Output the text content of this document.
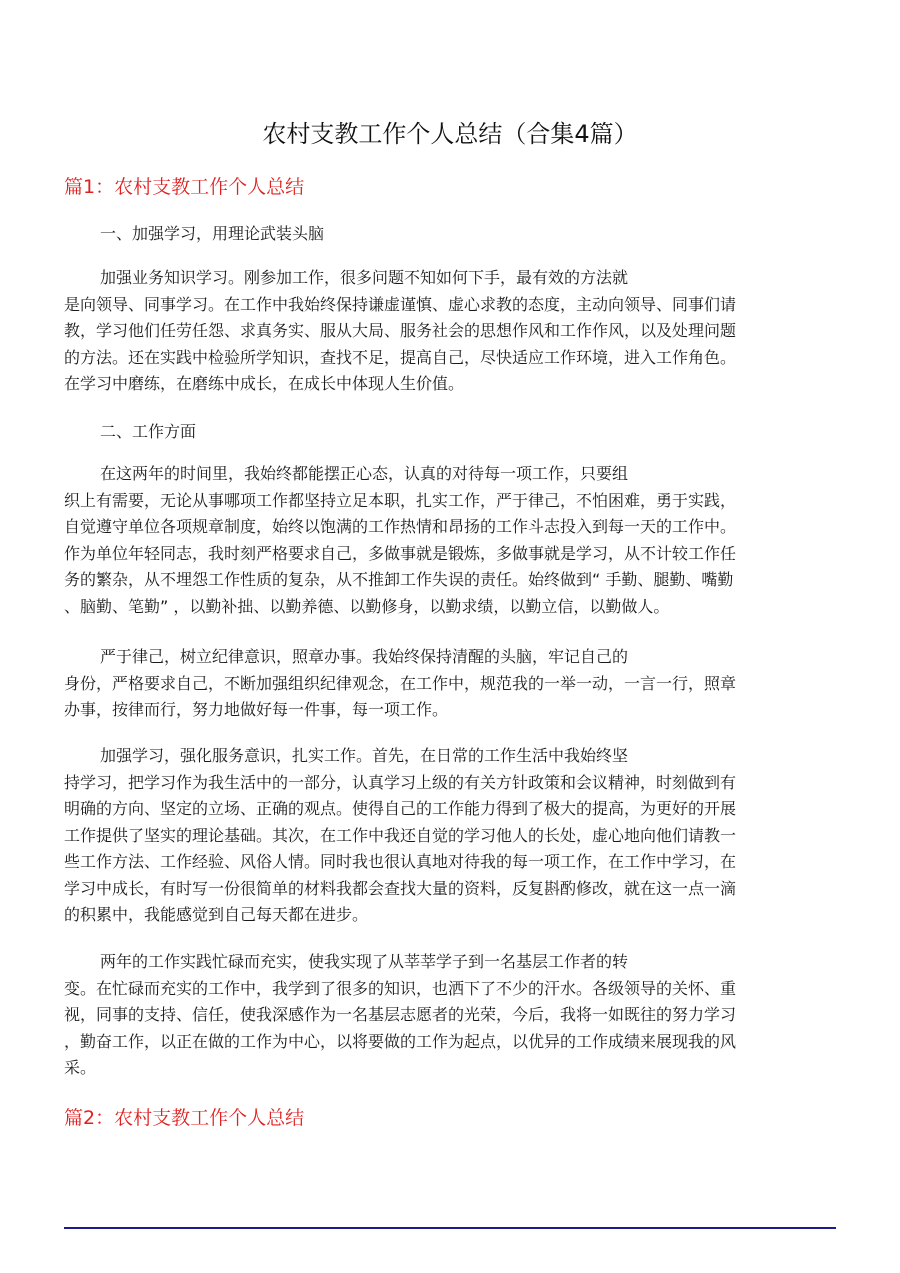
农村支教工作个人总结（合集4篇）
篇1：农村支教工作个人总结
一、加强学习，用理论武装头脑
加强业务知识学习。刚参加工作，很多问题不知如何下手，最有效的方法就
是向领导、同事学习。在工作中我始终保持谦虚谨慎、虚心求教的态度，主动向领导、同事们请
教，学习他们任劳任怨、求真务实、服从大局、服务社会的思想作风和工作作风，以及处理问题
的方法。还在实践中检验所学知识，查找不足，提高自己，尽快适应工作环境，进入工作角色。
在学习中磨练，在磨练中成长，在成长中体现人生价值。
二、工作方面
在这两年的时间里，我始终都能摆正心态，认真的对待每一项工作，只要组
织上有需要，无论从事哪项工作都坚持立足本职，扎实工作，严于律己，不怕困难，勇于实践，
自觉遵守单位各项规章制度，始终以饱满的工作热情和昂扬的工作斗志投入到每一天的工作中。
作为单位年轻同志，我时刻严格要求自己，多做事就是锻炼，多做事就是学习，从不计较工作任
务的繁杂，从不埋怨工作性质的复杂，从不推卸工作失误的责任。始终做到“ 手勤、腿勤、嘴勤
、脑勤、笔勤” ，以勤补拙、以勤养德、以勤修身，以勤求绩，以勤立信，以勤做人。
严于律己，树立纪律意识，照章办事。我始终保持清醒的头脑，牢记自己的
身份，严格要求自己，不断加强组织纪律观念，在工作中，规范我的一举一动，一言一行，照章
办事，按律而行，努力地做好每一件事，每一项工作。
加强学习，强化服务意识，扎实工作。首先，在日常的工作生活中我始终坚
持学习，把学习作为我生活中的一部分，认真学习上级的有关方针政策和会议精神，时刻做到有
明确的方向、坚定的立场、正确的观点。使得自己的工作能力得到了极大的提高，为更好的开展
工作提供了坚实的理论基础。其次，在工作中我还自觉的学习他人的长处，虚心地向他们请教一
些工作方法、工作经验、风俗人情。同时我也很认真地对待我的每一项工作，在工作中学习，在
学习中成长，有时写一份很简单的材料我都会查找大量的资料，反复斟酌修改，就在这一点一滴
的积累中，我能感觉到自己每天都在进步。
两年的工作实践忙碌而充实，使我实现了从莘莘学子到一名基层工作者的转
变。在忙碌而充实的工作中，我学到了很多的知识，也洒下了不少的汗水。各级领导的关怀、重
视，同事的支持、信任，使我深感作为一名基层志愿者的光荣，今后，我将一如既往的努力学习
，勤奋工作，以正在做的工作为中心，以将要做的工作为起点，以优异的工作成绩来展现我的风
采。
篇2：农村支教工作个人总结
